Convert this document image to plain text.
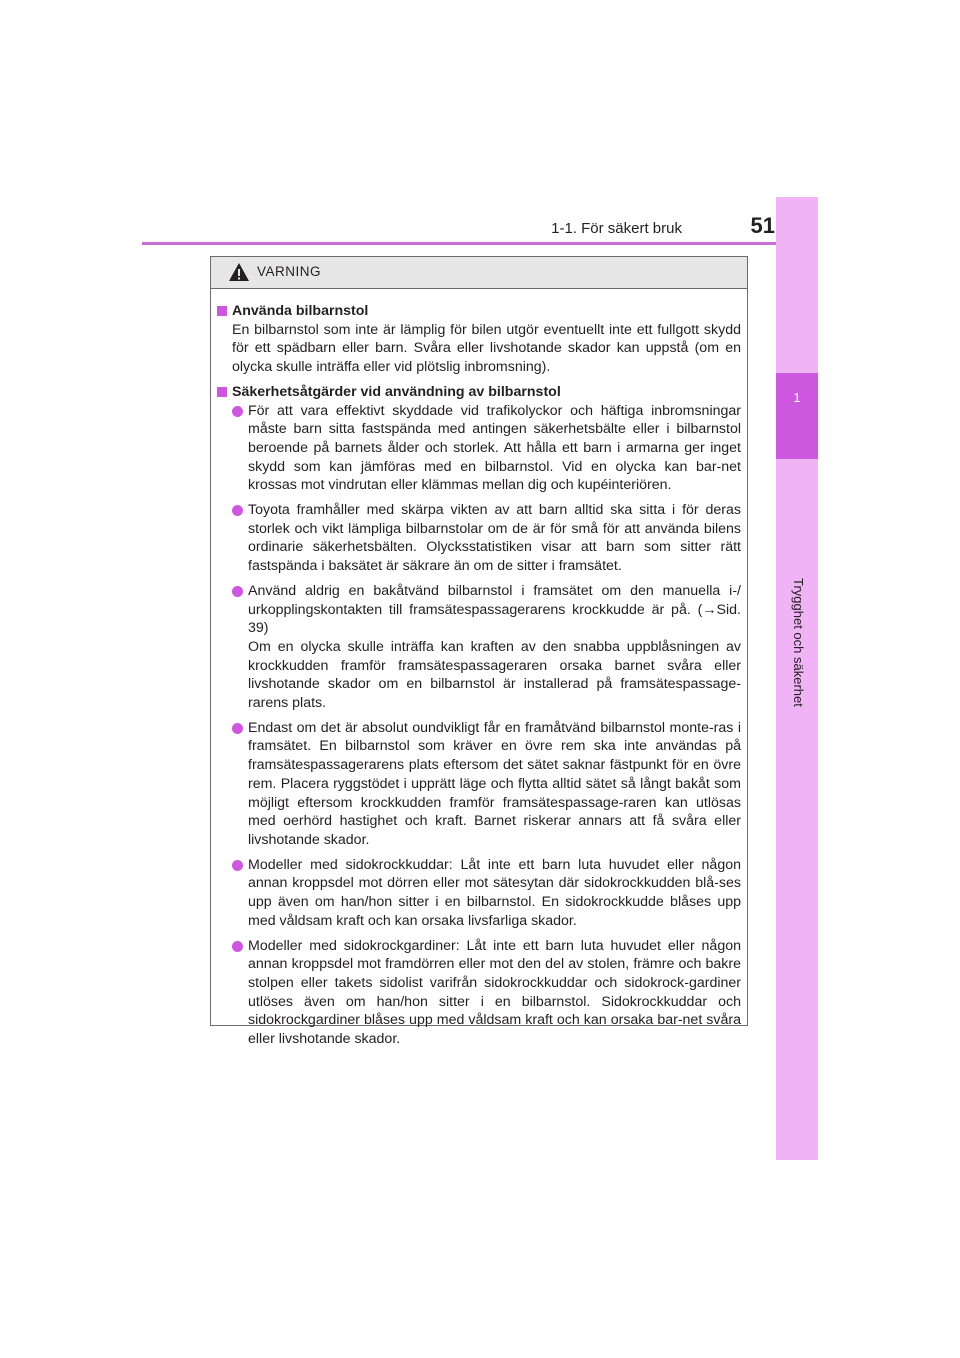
1-1. För säkert bruk	51
1
Trygghet och säkerhet
VARNING

Använda bilbarnstol

En bilbarnstol som inte är lämplig för bilen utgör eventuellt inte ett fullgott skydd för ett spädbarn eller barn. Svåra eller livshotande skador kan uppstå (om en olycka skulle inträffa eller vid plötslig inbromsning).

Säkerhetsåtgärder vid användning av bilbarnstol

För att vara effektivt skyddade vid trafikolyckor och häftiga inbromsningar måste barn sitta fastspända med antingen säkerhetsbälte eller i bilbarnstol beroende på barnets ålder och storlek. Att hålla ett barn i armarna ger inget skydd som kan jämföras med en bilbarnstol. Vid en olycka kan bar-net krossas mot vindrutan eller klämmas mellan dig och kupéinteriören.

Toyota framhåller med skärpa vikten av att barn alltid ska sitta i för deras storlek och vikt lämpliga bilbarnstolar om de är för små för att använda bilens ordinarie säkerhetsbälten. Olycksstatistiken visar att barn som sitter rätt fastspända i baksätet är säkrare än om de sitter i framsätet.

Använd aldrig en bakåtvänd bilbarnstol i framsätet om den manuella i-/ urkopplingskontakten till framsätespassagerarens krockkudde är på. (→Sid. 39)

Om en olycka skulle inträffa kan kraften av den snabba uppblåsningen av krockkudden framför framsätespassageraren orsaka barnet svåra eller livshotande skador om en bilbarnstol är installerad på framsätespassage-rarens plats.

Endast om det är absolut oundvikligt får en framåtvänd bilbarnstol monte-ras i framsätet. En bilbarnstol som kräver en övre rem ska inte användas på framsätespassagerarens plats eftersom det sätet saknar fästpunkt för en övre rem. Placera ryggstödet i upprätt läge och flytta alltid sätet så långt bakåt som möjligt eftersom krockkudden framför framsätespassage-raren kan utlösas med oerhörd hastighet och kraft. Barnet riskerar annars att få svåra eller livshotande skador.

Modeller med sidokrockkuddar: Låt inte ett barn luta huvudet eller någon annan kroppsdel mot dörren eller mot sätesytan där sidokrockkudden blå-ses upp även om han/hon sitter i en bilbarnstol. En sidokrockkudde blåses upp med våldsam kraft och kan orsaka livsfarliga skador.

Modeller med sidokrockgardiner: Låt inte ett barn luta huvudet eller någon annan kroppsdel mot framdörren eller mot den del av stolen, främre och bakre stolpen eller takets sidolist varifrån sidokrockkuddar och sidokrock-gardiner utlöses även om han/hon sitter i en bilbarnstol. Sidokrockkuddar och sidokrockgardiner blåses upp med våldsam kraft och kan orsaka bar-net svåra eller livshotande skador.
